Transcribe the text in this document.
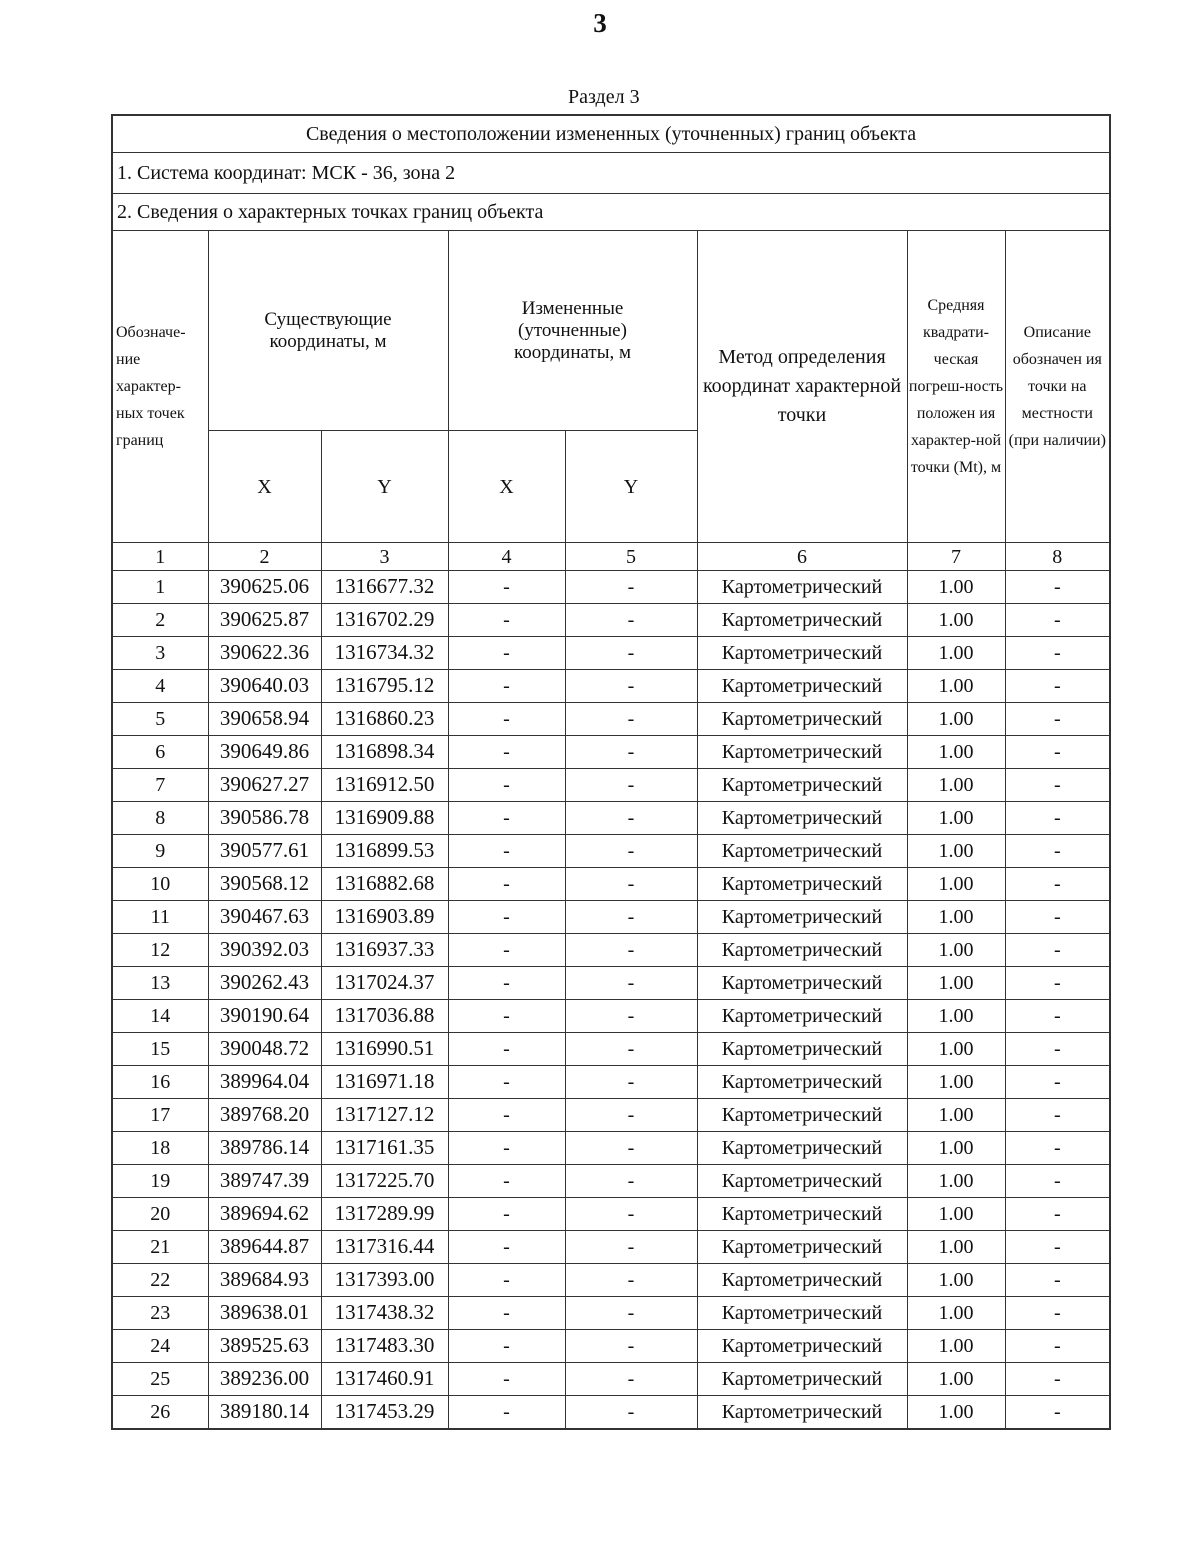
3
Раздел 3
Сведения о местоположении измененных (уточненных) границ объекта							
1. Система координат: МСК - 36, зона 2							
2. Сведения о характерных точках границ объекта							
Обозначе-ние характер-ных точек границ	Существующие координаты, м		Измененные (уточненные) координаты, м		Метод определения координат характерной точки	Средняя квадрати-ческая погреш-ность положен ия характер-ной точки (Mt), м	Описание обозначен ия точки на местности (при наличии)
	X	Y	X	Y			
1	2	3	4	5	6	7	8
1	390625.06	1316677.32	-	-	Картометрический	1.00	-
2	390625.87	1316702.29	-	-	Картометрический	1.00	-
3	390622.36	1316734.32	-	-	Картометрический	1.00	-
4	390640.03	1316795.12	-	-	Картометрический	1.00	-
5	390658.94	1316860.23	-	-	Картометрический	1.00	-
6	390649.86	1316898.34	-	-	Картометрический	1.00	-
7	390627.27	1316912.50	-	-	Картометрический	1.00	-
8	390586.78	1316909.88	-	-	Картометрический	1.00	-
9	390577.61	1316899.53	-	-	Картометрический	1.00	-
10	390568.12	1316882.68	-	-	Картометрический	1.00	-
11	390467.63	1316903.89	-	-	Картометрический	1.00	-
12	390392.03	1316937.33	-	-	Картометрический	1.00	-
13	390262.43	1317024.37	-	-	Картометрический	1.00	-
14	390190.64	1317036.88	-	-	Картометрический	1.00	-
15	390048.72	1316990.51	-	-	Картометрический	1.00	-
16	389964.04	1316971.18	-	-	Картометрический	1.00	-
17	389768.20	1317127.12	-	-	Картометрический	1.00	-
18	389786.14	1317161.35	-	-	Картометрический	1.00	-
19	389747.39	1317225.70	-	-	Картометрический	1.00	-
20	389694.62	1317289.99	-	-	Картометрический	1.00	-
21	389644.87	1317316.44	-	-	Картометрический	1.00	-
22	389684.93	1317393.00	-	-	Картометрический	1.00	-
23	389638.01	1317438.32	-	-	Картометрический	1.00	-
24	389525.63	1317483.30	-	-	Картометрический	1.00	-
25	389236.00	1317460.91	-	-	Картометрический	1.00	-
26	389180.14	1317453.29	-	-	Картометрический	1.00	-
